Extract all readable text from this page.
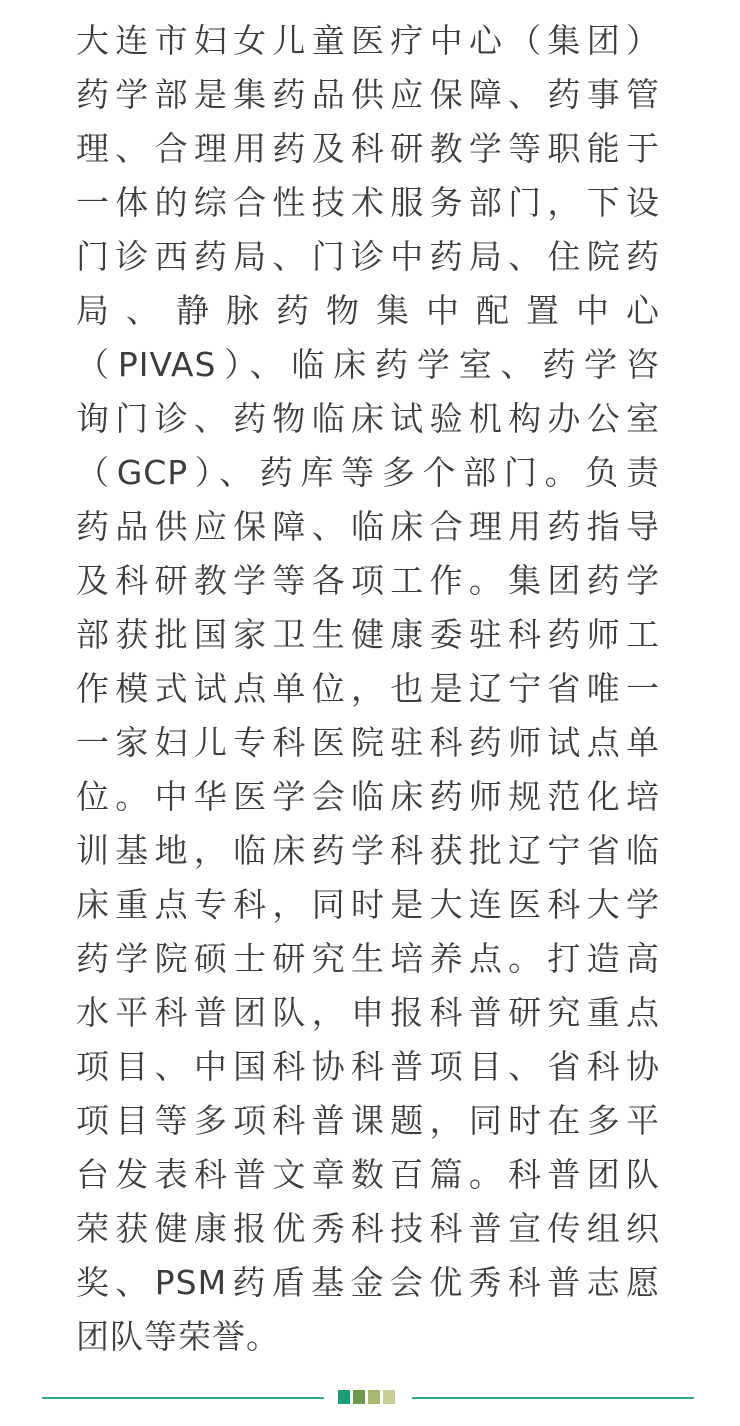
大连市妇女儿童医疗中心（集团）
药学部是集药品供应保障、药事管
理、合理用药及科研教学等职能于
一体的综合性技术服务部门，下设
门诊西药局、门诊中药局、住院药
局、静脉药物集中配置中心
（PIVAS）、临床药学室、药学咨
询门诊、药物临床试验机构办公室
（GCP）、药库等多个部门。负责
药品供应保障、临床合理用药指导
及科研教学等各项工作。集团药学
部获批国家卫生健康委驻科药师工
作模式试点单位，也是辽宁省唯一
一家妇儿专科医院驻科药师试点单
位。中华医学会临床药师规范化培
训基地，临床药学科获批辽宁省临
床重点专科，同时是大连医科大学
药学院硕士研究生培养点。打造高
水平科普团队，申报科普研究重点
项目、中国科协科普项目、省科协
项目等多项科普课题，同时在多平
台发表科普文章数百篇。科普团队
荣获健康报优秀科技科普宣传组织
奖、PSM药盾基金会优秀科普志愿
团队等荣誉。
